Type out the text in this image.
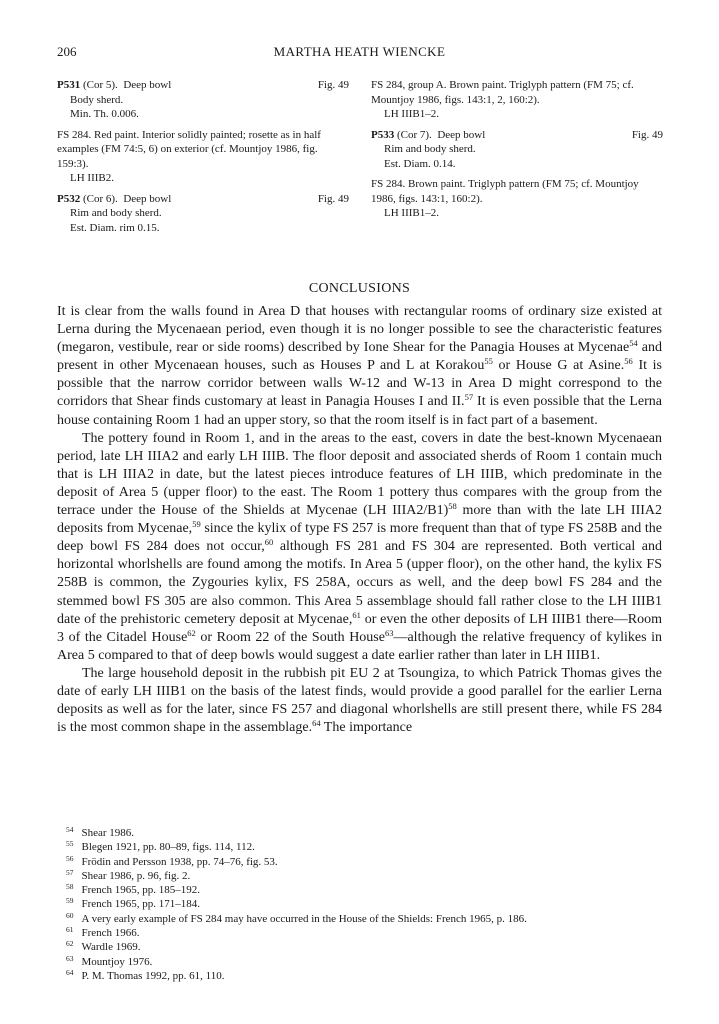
206	MARTHA HEATH WIENCKE
P531 (Cor 5). Deep bowl	Fig. 49
Body sherd.
Min. Th. 0.006.
FS 284. Red paint. Interior solidly painted; rosette as in half examples (FM 74:5, 6) on exterior (cf. Mountjoy 1986, fig. 159:3).
LH IIIB2.
P532 (Cor 6). Deep bowl	Fig. 49
Rim and body sherd.
Est. Diam. rim 0.15.
FS 284, group A. Brown paint. Triglyph pattern (FM 75; cf. Mountjoy 1986, figs. 143:1, 2, 160:2).
LH IIIB1–2.
P533 (Cor 7). Deep bowl	Fig. 49
Rim and body sherd.
Est. Diam. 0.14.
FS 284. Brown paint. Triglyph pattern (FM 75; cf. Mountjoy 1986, figs. 143:1, 160:2).
LH IIIB1–2.
CONCLUSIONS

It is clear from the walls found in Area D that houses with rectangular rooms of ordinary size existed at Lerna during the Mycenaean period, even though it is no longer possible to see the characteristic features (megaron, vestibule, rear or side rooms) described by Ione Shear for the Panagia Houses at Mycenae$^{54}$ and present in other Mycenaean houses, such as Houses P and L at Korakou$^{55}$ or House G at Asine.$^{56}$ It is possible that the narrow corridor between walls W-12 and W-13 in Area D might correspond to the corridors that Shear finds customary at least in Panagia Houses I and II.$^{57}$ It is even possible that the Lerna house containing Room 1 had an upper story, so that the room itself is in fact part of a basement.

The pottery found in Room 1, and in the areas to the east, covers in date the best-known Mycenaean period, late LH IIIA2 and early LH IIIB. The floor deposit and associated sherds of Room 1 contain much that is LH IIIA2 in date, but the latest pieces introduce features of LH IIIB, which predominate in the deposit of Area 5 (upper floor) to the east. The Room 1 pottery thus compares with the group from the terrace under the House of the Shields at Mycenae (LH IIIA2/B1)$^{58}$ more than with the late LH IIIA2 deposits from Mycenae,$^{59}$ since the kylix of type FS 257 is more frequent than that of type FS 258B and the deep bowl FS 284 does not occur,$^{60}$ although FS 281 and FS 304 are represented. Both vertical and horizontal whorlshells are found among the motifs. In Area 5 (upper floor), on the other hand, the kylix FS 258B is common, the Zygouries kylix, FS 258A, occurs as well, and the deep bowl FS 284 and the stemmed bowl FS 305 are also common. This Area 5 assemblage should fall rather close to the LH IIIB1 date of the prehistoric cemetery deposit at Mycenae,$^{61}$ or even the other deposits of LH IIIB1 there—Room 3 of the Citadel House$^{62}$ or Room 22 of the South House$^{63}$—although the relative frequency of kylikes in Area 5 compared to that of deep bowls would suggest a date earlier rather than later in LH IIIB1.

The large household deposit in the rubbish pit EU 2 at Tsoungiza, to which Patrick Thomas gives the date of early LH IIIB1 on the basis of the latest finds, would provide a good parallel for the earlier Lerna deposits as well as for the later, since FS 257 and diagonal whorlshells are still present there, while FS 284 is the most common shape in the assemblage.$^{64}$ The importance

$^{54}$ Shear 1986.
$^{55}$ Blegen 1921, pp. 80–89, figs. 114, 112.
$^{56}$ Frödin and Persson 1938, pp. 74–76, fig. 53.
$^{57}$ Shear 1986, p. 96, fig. 2.
$^{58}$ French 1965, pp. 185–192.
$^{59}$ French 1965, pp. 171–184.
$^{60}$ A very early example of FS 284 may have occurred in the House of the Shields: French 1965, p. 186.
$^{61}$ French 1966.
$^{62}$ Wardle 1969.
$^{63}$ Mountjoy 1976.
$^{64}$ P. M. Thomas 1992, pp. 61, 110.
